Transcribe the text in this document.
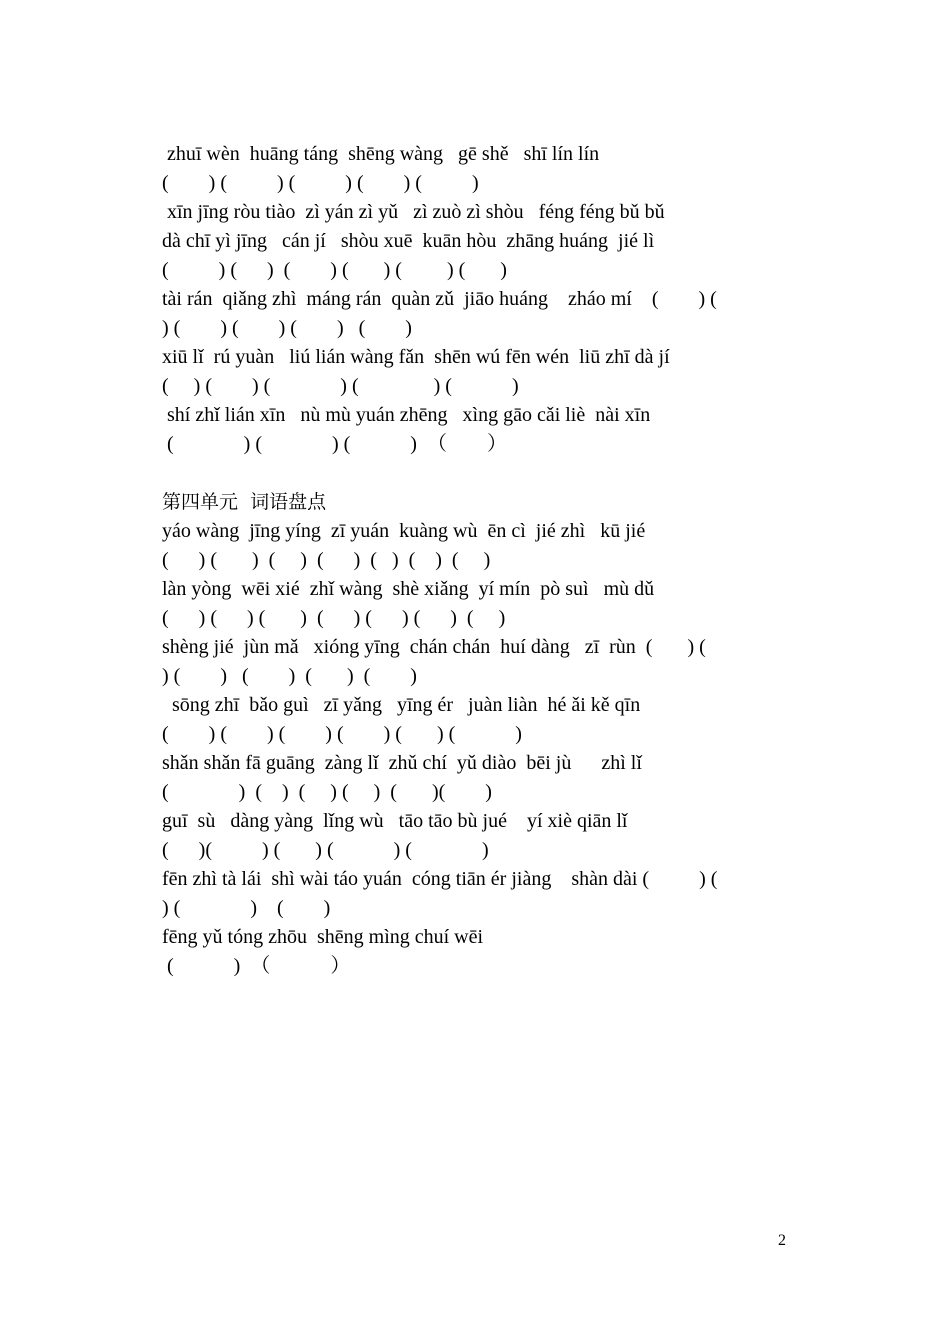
zhuī wèn  huāng táng  shēng wàng   gē shě   shī lín lín
(        ) (          ) (          ) (        ) (          )
xīn jīng ròu tiào  zì yán zì yǔ   zì zuò zì shòu   féng féng bǔ bǔ
dà chī yì jīng   cán jí   shòu xuē  kuān hòu  zhāng huáng  jié lì
(          ) (      )  (        ) (       ) (         ) (       )
tài rán  qiǎng zhì  máng rán  quàn zǔ  jiāo huáng    zháo mí    (        ) (
) (        ) (        ) (        )   (        )
xiū lǐ  rú yuàn   liú lián wàng fǎn  shēn wú fēn wén  liū zhī dà jí
(     ) (        ) (              ) (               ) (            )
shí zhǐ lián xīn   nù mù yuán zhēng   xìng gāo cǎi liè  nài xīn
(              ) (              ) (            )  （        ）
第四单元  词语盘点
yáo wàng  jīng yíng  zī yuán  kuàng wù  ēn cì  jié zhì   kū jié
(      ) (       )  (     )  (      )  (   )  (    )  (     )
làn yòng  wēi xié  zhǐ wàng  shè xiǎng  yí mín  pò suì   mù dǔ
(      ) (      ) (       )  (      ) (      ) (      )  (     )
shèng jié  jùn mǎ   xióng yīng  chán chán  huí dàng   zī  rùn  (       ) (
) (        )   (        )  (       )  (        )
sōng zhī  bǎo guì   zī yǎng   yīng ér   juàn liàn  hé ǎi kě qīn
(        ) (        ) (        ) (        ) (       ) (            )
shǎn shǎn fā guāng  zàng lǐ  zhǔ chí  yǔ diào  bēi jù      zhì lǐ
(              )  (    )  (     ) (     )  (       )(        )
guī  sù   dàng yàng  lǐng wù   tāo tāo bù jué    yí xiè qiān lǐ
(      )(          ) (       ) (            ) (              )
fēn zhì tà lái  shì wài táo yuán  cóng tiān ér jiàng    shàn dài (          ) (
) (              )    (        )
fēng yǔ tóng zhōu  shēng mìng chuí wēi
(            )  （            ）
2
